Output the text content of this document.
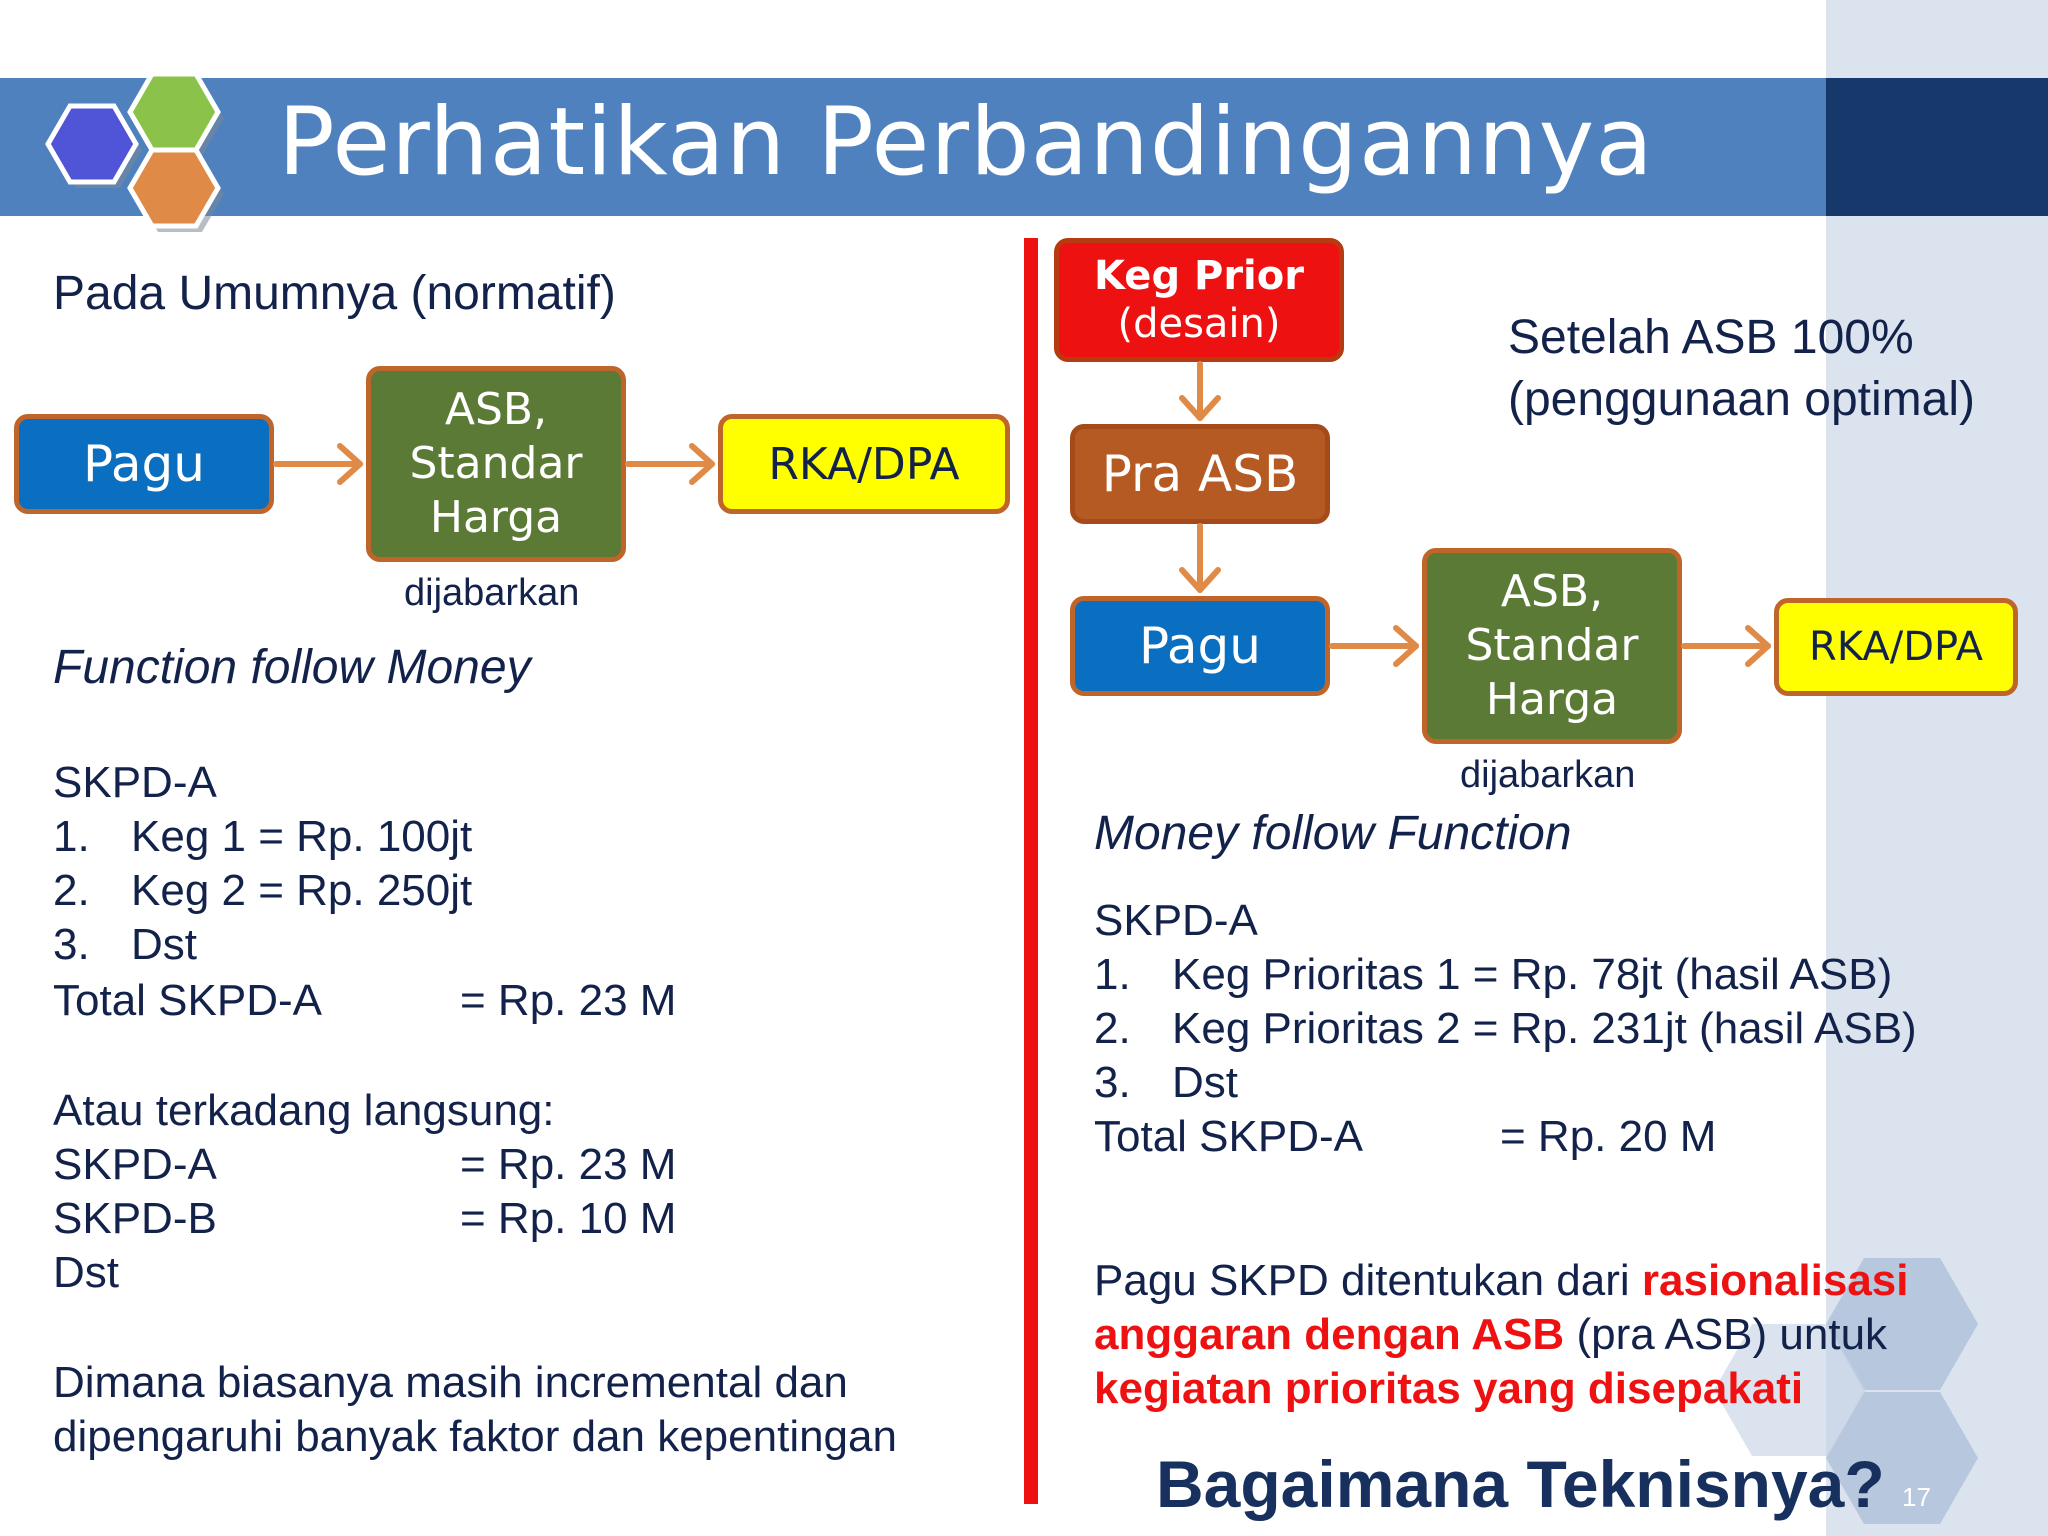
Perhatikan Perbandingannya
Pada Umumnya (normatif)
Pagu
ASB,
Standar
Harga
RKA/DPA
dijabarkan
Function follow Money
SKPD-A
1. Keg 1 = Rp. 100jt
2. Keg 2 = Rp. 250jt
3. Dst
Total SKPD-A	= Rp. 23 M
Atau terkadang langsung:
SKPD-A	= Rp. 23 M
SKPD-B	= Rp. 10 M
Dst
Dimana biasanya masih incremental dan
dipengaruhi banyak faktor dan kepentingan
Keg Prior
(desain)
Pra ASB
Pagu
ASB,
Standar
Harga
RKA/DPA
dijabarkan
Setelah ASB 100%
(penggunaan optimal)
Money follow Function
SKPD-A
1. Keg Prioritas 1 = Rp. 78jt (hasil ASB)
2. Keg Prioritas 2 = Rp. 231jt (hasil ASB)
3. Dst
Total SKPD-A	= Rp. 20 M
Pagu SKPD ditentukan dari rasionalisasi
anggaran dengan ASB (pra ASB) untuk
kegiatan prioritas yang disepakati
Bagaimana Teknisnya? 17
